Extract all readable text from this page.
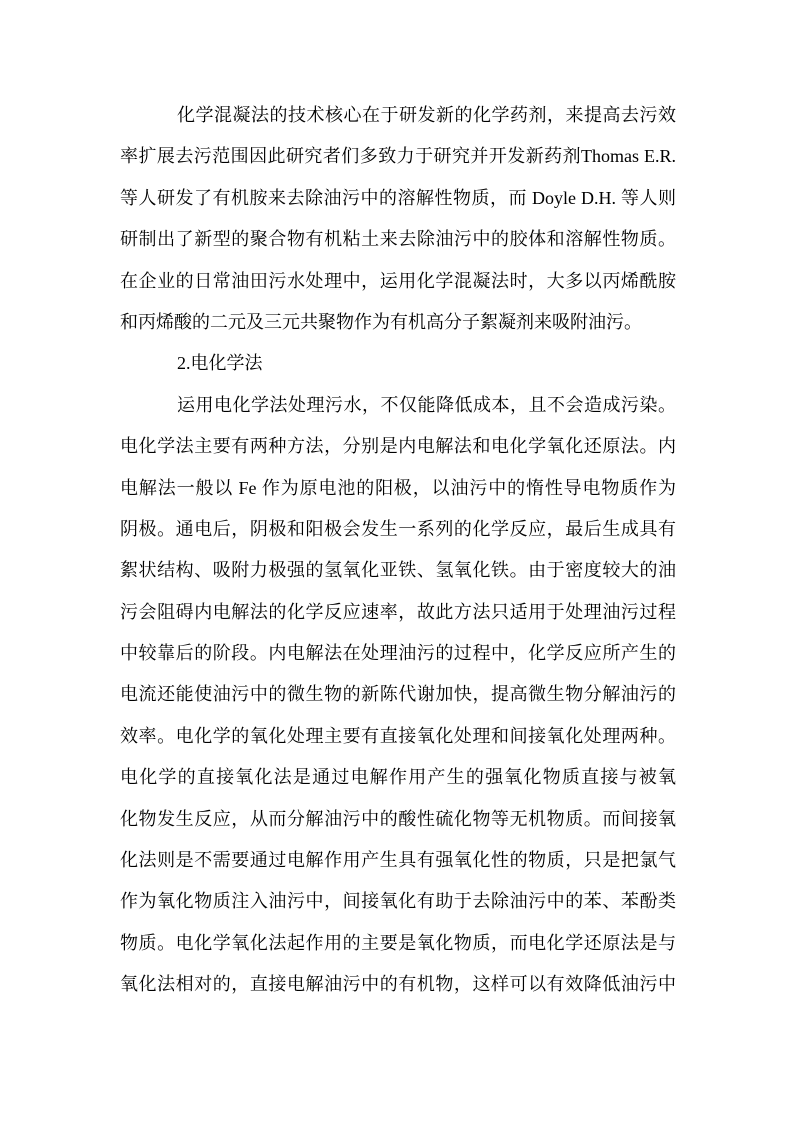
化学混凝法的技术核心在于研发新的化学药剂，来提高去污效
率扩展去污范围因此研究者们多致力于研究并开发新药剂Thomas E.R.
等人研发了有机胺来去除油污中的溶解性物质，而 Doyle D.H. 等人则
研制出了新型的聚合物有机粘土来去除油污中的胶体和溶解性物质。
在企业的日常油田污水处理中，运用化学混凝法时，大多以丙烯酰胺
和丙烯酸的二元及三元共聚物作为有机高分子絮凝剂来吸附油污。
2.电化学法
运用电化学法处理污水，不仅能降低成本，且不会造成污染。
电化学法主要有两种方法，分别是内电解法和电化学氧化还原法。内
电解法一般以 Fe 作为原电池的阳极，以油污中的惰性导电物质作为
阴极。通电后，阴极和阳极会发生一系列的化学反应，最后生成具有
絮状结构、吸附力极强的氢氧化亚铁、氢氧化铁。由于密度较大的油
污会阻碍内电解法的化学反应速率，故此方法只适用于处理油污过程
中较靠后的阶段。内电解法在处理油污的过程中，化学反应所产生的
电流还能使油污中的微生物的新陈代谢加快，提高微生物分解油污的
效率。电化学的氧化处理主要有直接氧化处理和间接氧化处理两种。
电化学的直接氧化法是通过电解作用产生的强氧化物质直接与被氧
化物发生反应，从而分解油污中的酸性硫化物等无机物质。而间接氧
化法则是不需要通过电解作用产生具有强氧化性的物质，只是把氯气
作为氧化物质注入油污中，间接氧化有助于去除油污中的苯、苯酚类
物质。电化学氧化法起作用的主要是氧化物质，而电化学还原法是与
氧化法相对的，直接电解油污中的有机物，这样可以有效降低油污中
